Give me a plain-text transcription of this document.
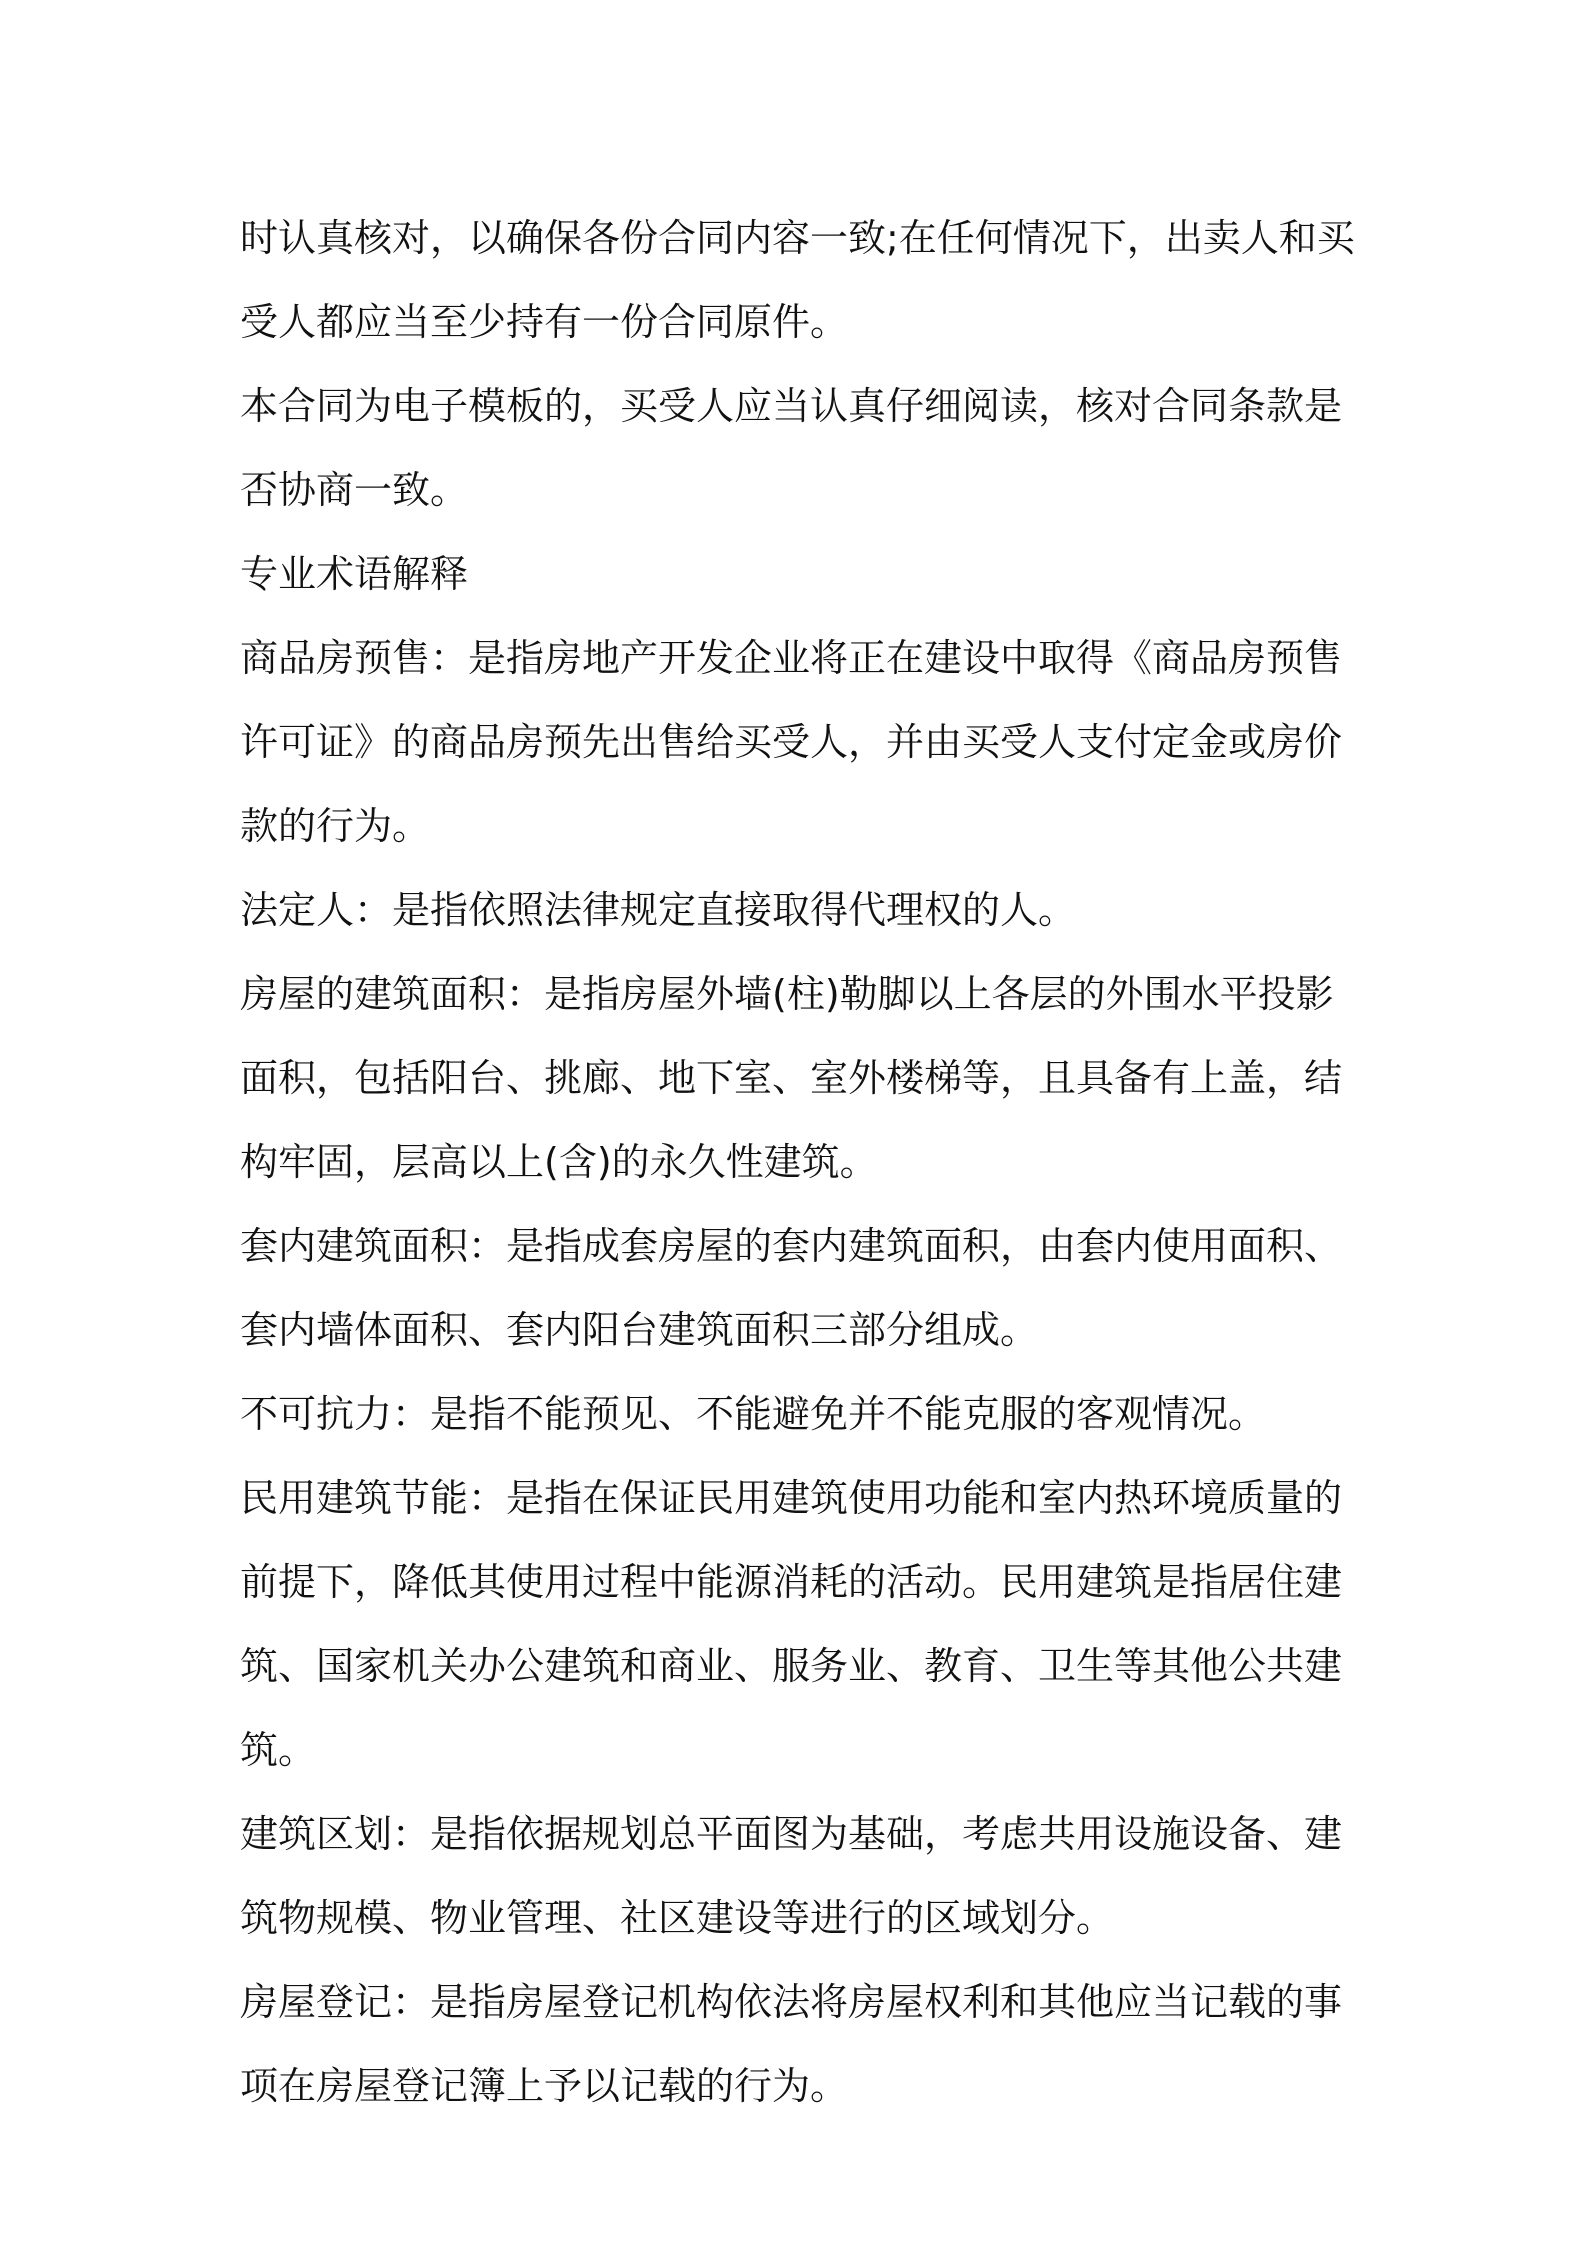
时认真核对，以确保各份合同内容一致;在任何情况下，出卖人和买受人都应当至少持有一份合同原件。

本合同为电子模板的，买受人应当认真仔细阅读，核对合同条款是否协商一致。

专业术语解释

商品房预售：是指房地产开发企业将正在建设中取得《商品房预售许可证》的商品房预先出售给买受人，并由买受人支付定金或房价款的行为。

法定人：是指依照法律规定直接取得代理权的人。

房屋的建筑面积：是指房屋外墙(柱)勒脚以上各层的外围水平投影面积，包括阳台、挑廊、地下室、室外楼梯等，且具备有上盖，结构牢固，层高以上(含)的永久性建筑。

套内建筑面积：是指成套房屋的套内建筑面积，由套内使用面积、套内墙体面积、套内阳台建筑面积三部分组成。

不可抗力：是指不能预见、不能避免并不能克服的客观情况。

民用建筑节能：是指在保证民用建筑使用功能和室内热环境质量的前提下，降低其使用过程中能源消耗的活动。民用建筑是指居住建筑、国家机关办公建筑和商业、服务业、教育、卫生等其他公共建筑。

建筑区划：是指依据规划总平面图为基础，考虑共用设施设备、建筑物规模、物业管理、社区建设等进行的区域划分。

房屋登记：是指房屋登记机构依法将房屋权利和其他应当记载的事项在房屋登记簿上予以记载的行为。
